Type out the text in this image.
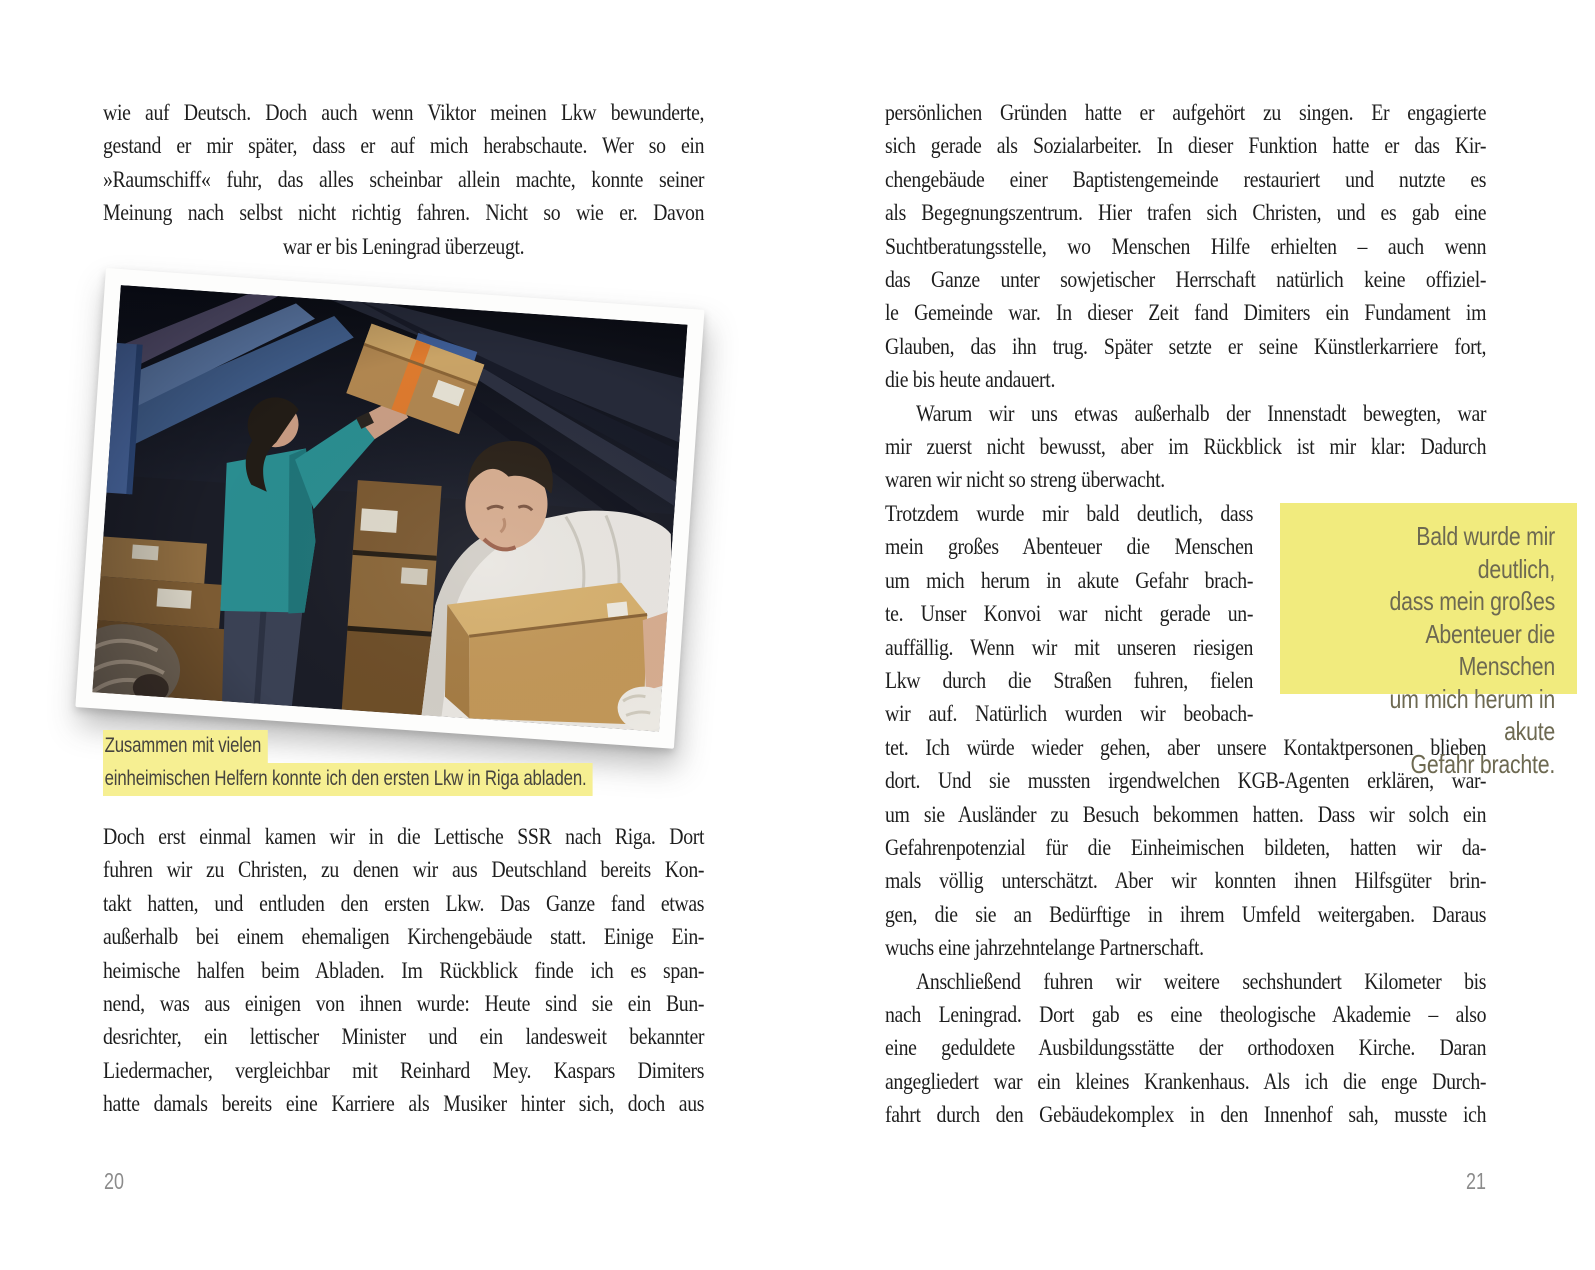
wie auf Deutsch. Doch auch wenn Viktor meinen Lkw bewunderte,
gestand er mir später, dass er auf mich herabschaute. Wer so ein
»Raumschiff« fuhr, das alles scheinbar allein machte, konnte seiner
Meinung nach selbst nicht richtig fahren. Nicht so wie er. Davon
war er bis Leningrad überzeugt.
Zusammen mit vielen
einheimischen Helfern konnte ich den ersten Lkw in Riga abladen.
Doch erst einmal kamen wir in die Lettische SSR nach Riga. Dort
fuhren wir zu Christen, zu denen wir aus Deutschland bereits Kon-
takt hatten, und entluden den ersten Lkw. Das Ganze fand etwas
außerhalb bei einem ehemaligen Kirchengebäude statt. Einige Ein-
heimische halfen beim Abladen. Im Rückblick finde ich es span-
nend, was aus einigen von ihnen wurde: Heute sind sie ein Bun-
desrichter, ein lettischer Minister und ein landesweit bekannter
Liedermacher, vergleichbar mit Reinhard Mey. Kaspars Dimiters
hatte damals bereits eine Karriere als Musiker hinter sich, doch aus
20
persönlichen Gründen hatte er aufgehört zu singen. Er engagierte
sich gerade als Sozialarbeiter. In dieser Funktion hatte er das Kir-
chengebäude einer Baptistengemeinde restauriert und nutzte es
als Begegnungszentrum. Hier trafen sich Christen, und es gab eine
Suchtberatungsstelle, wo Menschen Hilfe erhielten – auch wenn
das Ganze unter sowjetischer Herrschaft natürlich keine offiziel-
le Gemeinde war. In dieser Zeit fand Dimiters ein Fundament im
Glauben, das ihn trug. Später setzte er seine Künstlerkarriere fort,
die bis heute andauert.
Warum wir uns etwas außerhalb der Innenstadt bewegten, war
mir zuerst nicht bewusst, aber im Rückblick ist mir klar: Dadurch
waren wir nicht so streng überwacht.
Trotzdem wurde mir bald deutlich, dass
mein großes Abenteuer die Menschen
um mich herum in akute Gefahr brach-
te. Unser Konvoi war nicht gerade un-
auffällig. Wenn wir mit unseren riesigen
Lkw durch die Straßen fuhren, fielen
wir auf. Natürlich wurden wir beobach-
tet. Ich würde wieder gehen, aber unsere Kontaktpersonen blieben
dort. Und sie mussten irgendwelchen KGB-Agenten erklären, war-
um sie Ausländer zu Besuch bekommen hatten. Dass wir solch ein
Gefahrenpotenzial für die Einheimischen bildeten, hatten wir da-
mals völlig unterschätzt. Aber wir konnten ihnen Hilfsgüter brin-
gen, die sie an Bedürftige in ihrem Umfeld weitergaben. Daraus
wuchs eine jahrzehntelange Partnerschaft.
Anschließend fuhren wir weitere sechshundert Kilometer bis
nach Leningrad. Dort gab es eine theologische Akademie – also
eine geduldete Ausbildungsstätte der orthodoxen Kirche. Daran
angegliedert war ein kleines Krankenhaus. Als ich die enge Durch-
fahrt durch den Gebäudekomplex in den Innenhof sah, musste ich
Bald wurde mir deutlich,
dass mein großes
Abenteuer die Menschen
um mich herum in akute
Gefahr brachte.
21
